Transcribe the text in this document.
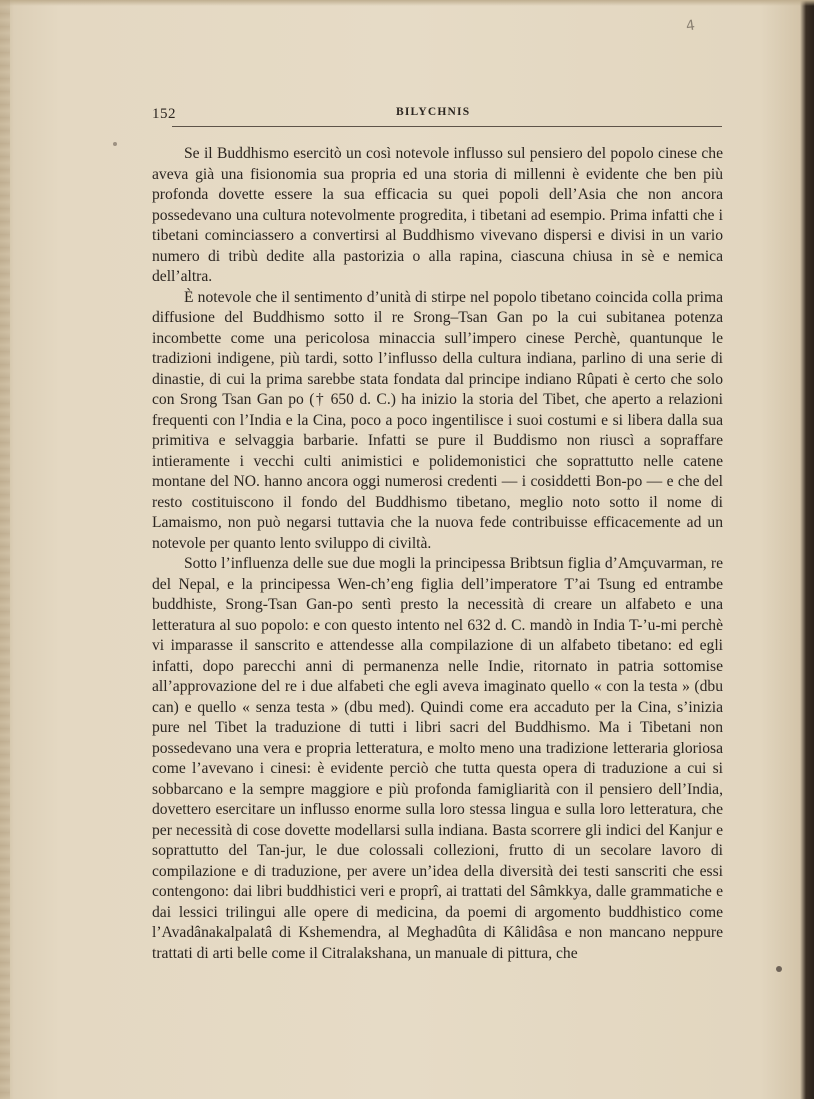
4
152	BILYCHNIS

Se il Buddhismo esercitò un così notevole influsso sul pensiero del popolo cinese che aveva già una fisionomia sua propria ed una storia di millenni è evidente che ben più profonda dovette essere la sua efficacia su quei popoli dell’Asia che non ancora possedevano una cultura notevolmente progredita, i tibetani ad esempio. Prima infatti che i tibetani cominciassero a convertirsi al Buddhismo vivevano dispersi e divisi in un vario numero di tribù dedite alla pastorizia o alla rapina, ciascuna chiusa in sè e nemica dell’altra.

È notevole che il sentimento d’unità di stirpe nel popolo tibetano coincida colla prima diffusione del Buddhismo sotto il re Srong–Tsan Gan po la cui subitanea potenza incombette come una pericolosa minaccia sull’impero cinese Perchè, quantunque le tradizioni indigene, più tardi, sotto l’influsso della cultura indiana, parlino di una serie di dinastie, di cui la prima sarebbe stata fondata dal principe indiano Rûpati è certo che solo con Srong Tsan Gan po († 650 d. C.) ha inizio la storia del Tibet, che aperto a relazioni frequenti con l’India e la Cina, poco a poco ingentilisce i suoi costumi e si libera dalla sua primitiva e selvaggia barbarie. Infatti se pure il Buddismo non riuscì a sopraffare intieramente i vecchi culti animistici e polidemonistici che soprattutto nelle catene montane del NO. hanno ancora oggi numerosi credenti — i cosiddetti Bon-po — e che del resto costituiscono il fondo del Buddhismo tibetano, meglio noto sotto il nome di Lamaismo, non può negarsi tuttavia che la nuova fede contribuisse efficacemente ad un notevole per quanto lento sviluppo di civiltà.

Sotto l’influenza delle sue due mogli la principessa Bribtsun figlia d’Amçuvarman, re del Nepal, e la principessa Wen-ch’eng figlia dell’imperatore T’ai Tsung ed entrambe buddhiste, Srong-Tsan Gan-po sentì presto la necessità di creare un alfabeto e una letteratura al suo popolo: e con questo intento nel 632 d. C. mandò in India T-’u-mi perchè vi imparasse il sanscrito e attendesse alla compilazione di un alfabeto tibetano: ed egli infatti, dopo parecchi anni di permanenza nelle Indie, ritornato in patria sottomise all’approvazione del re i due alfabeti che egli aveva imaginato quello « con la testa » (dbu can) e quello « senza testa » (dbu med). Quindi come era accaduto per la Cina, s’inizia pure nel Tibet la traduzione di tutti i libri sacri del Buddhismo. Ma i Tibetani non possedevano una vera e propria letteratura, e molto meno una tradizione letteraria gloriosa come l’avevano i cinesi: è evidente perciò che tutta questa opera di traduzione a cui si sobbarcano e la sempre maggiore e più profonda famigliarità con il pensiero dell’India, dovettero esercitare un influsso enorme sulla loro stessa lingua e sulla loro letteratura, che per necessità di cose dovette modellarsi sulla indiana. Basta scorrere gli indici del Kanjur e soprattutto del Tan-jur, le due colossali collezioni, frutto di un secolare lavoro di compilazione e di traduzione, per avere un’idea della diversità dei testi sanscriti che essi contengono: dai libri buddhistici veri e proprî, ai trattati del Sâmkkya, dalle grammatiche e dai lessici trilingui alle opere di medicina, da poemi di argomento buddhistico come l’Avadânakalpalatâ di Kshemendra, al Meghadûta di Kâlidâsa e non mancano neppure trattati di arti belle come il Citralakshana, un manuale di pittura, che
